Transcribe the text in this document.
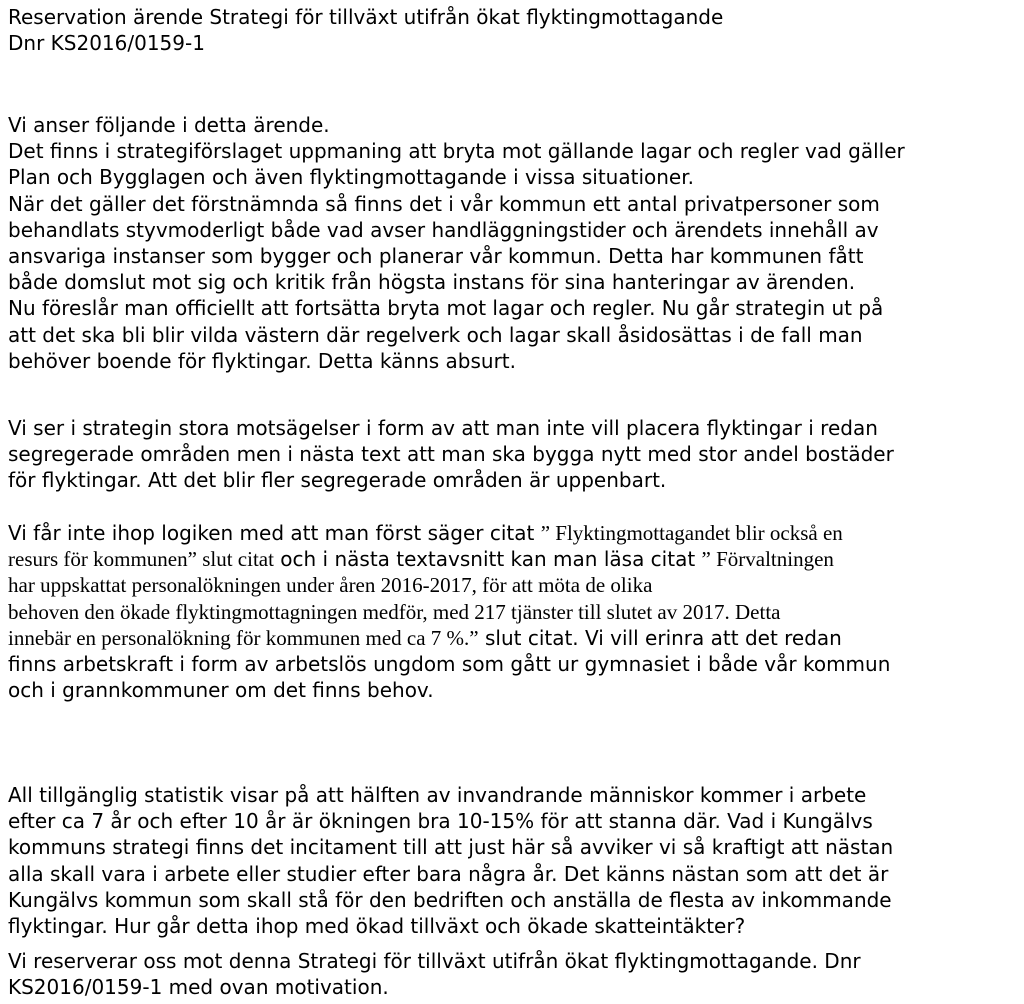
Reservation ärende Strategi för tillväxt utifrån ökat flyktingmottagande
Dnr KS2016/0159-1
Vi anser följande i detta ärende.
Det finns i strategiförslaget uppmaning att bryta mot gällande lagar och regler vad gäller
Plan och Bygglagen och även flyktingmottagande i vissa situationer.
När det gäller det förstnämnda så finns det i vår kommun ett antal privatpersoner som
behandlats styvmoderligt både vad avser handläggningstider och ärendets innehåll av
ansvariga instanser som bygger och planerar vår kommun. Detta har kommunen fått
både domslut mot sig och kritik från högsta instans för sina hanteringar av ärenden.
Nu föreslår man officiellt att fortsätta bryta mot lagar och regler. Nu går strategin ut på
att det ska bli blir vilda västern där regelverk och lagar skall åsidosättas i de fall man
behöver boende för flyktingar. Detta känns absurt.
Vi ser i strategin stora motsägelser i form av att man inte vill placera flyktingar i redan
segregerade områden men i nästa text att man ska bygga nytt med stor andel bostäder
för flyktingar. Att det blir fler segregerade områden är uppenbart.
Vi får inte ihop logiken med att man först säger citat ” Flyktingmottagandet blir också en
resurs för kommunen” slut citat och i nästa textavsnitt kan man läsa citat ” Förvaltningen
har uppskattat personalökningen under åren 2016-2017, för att möta de olika
behoven den ökade flyktingmottagningen medför, med 217 tjänster till slutet av 2017. Detta
innebär en personalökning för kommunen med ca 7 %.” slut citat. Vi vill erinra att det redan
finns arbetskraft i form av arbetslös ungdom som gått ur gymnasiet i både vår kommun
och i grannkommuner om det finns behov.
All tillgänglig statistik visar på att hälften av invandrande människor kommer i arbete
efter ca 7 år och efter 10 år är ökningen bra 10-15% för att stanna där. Vad i Kungälvs
kommuns strategi finns det incitament till att just här så avviker vi så kraftigt att nästan
alla skall vara i arbete eller studier efter bara några år. Det känns nästan som att det är
Kungälvs kommun som skall stå för den bedriften och anställa de flesta av inkommande
flyktingar. Hur går detta ihop med ökad tillväxt och ökade skatteintäkter?
Vi reserverar oss mot denna Strategi för tillväxt utifrån ökat flyktingmottagande. Dnr
KS2016/0159-1 med ovan motivation.
